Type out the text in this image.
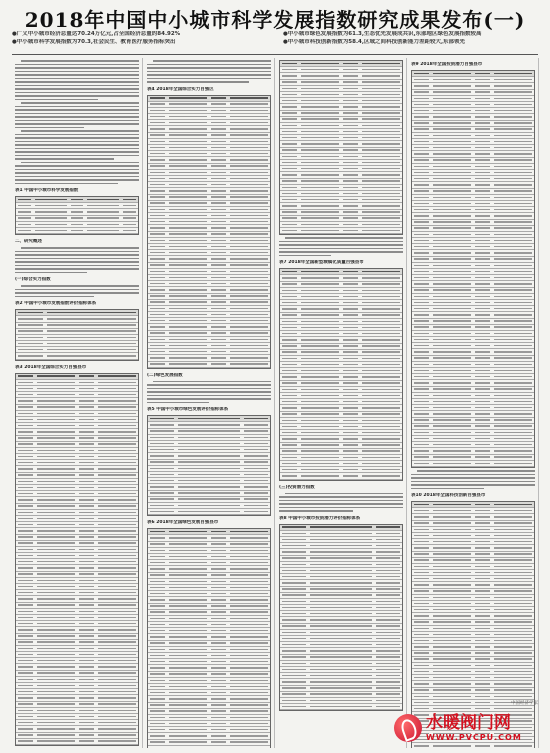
2018年中国中小城市科学发展指数研究成果发布(一)
●广义中小城市经济总量达70.24万亿元,占全国经济总量的84.92%	●中小城市绿色发展指数为61.3,生态优先发展成共识,东部地区绿色发展指数较高
●中小城市科学发展指数为70.3,社会民生、教育医疗服务指标突出	●中小城市科技创新指数为58.4,区域之间科技创新能力差距较大,东部领先
表1 中国中小城市科学发展指数
二、研究概述
(一)综合实力指数
表2 中国中小城市发展指数评价指标体系
表3 2018年全国综合实力百强县市
表4 2018年全国综合实力百强区
(二)绿色发展指数
表5 中国中小城市绿色发展评价指标体系
表6 2018年全国绿色发展百强县市
表7 2018年全国新型城镇化质量百强县市
(三)投资潜力指数
表8 中国中小城市投资潜力评价指标体系
表9 2018年全国投资潜力百强县市
表10 2018年全国科技创新百强县市
中国经济学家
水暖阀门网
WWW.PVCPU.COM
